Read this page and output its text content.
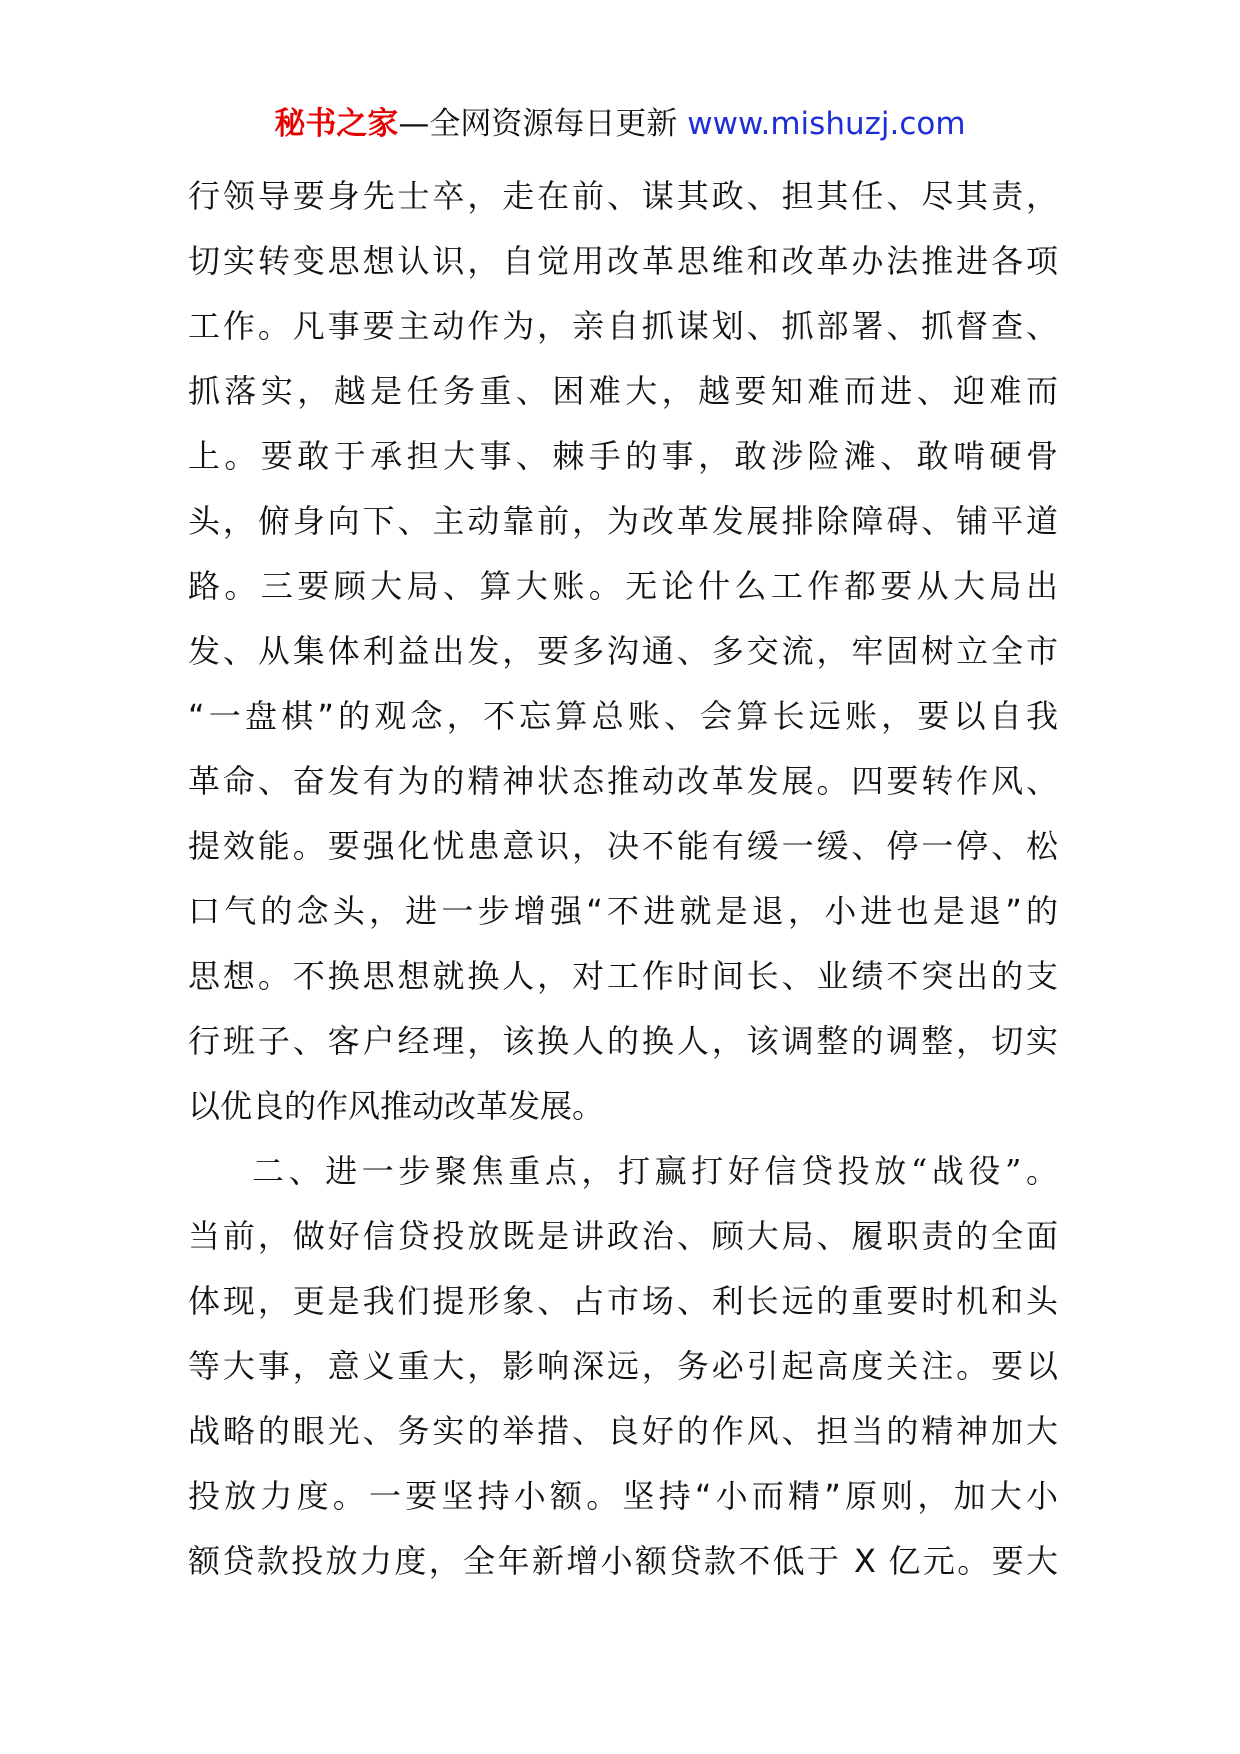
秘书之家—全网资源每日更新 www.mishuzj.com
行领导要身先士卒，走在前、谋其政、担其任、尽其责，
切实转变思想认识，自觉用改革思维和改革办法推进各项
工作。凡事要主动作为，亲自抓谋划、抓部署、抓督查、
抓落实，越是任务重、困难大，越要知难而进、迎难而
上。要敢于承担大事、棘手的事，敢涉险滩、敢啃硬骨
头，俯身向下、主动靠前，为改革发展排除障碍、铺平道
路。三要顾大局、算大账。无论什么工作都要从大局出
发、从集体利益出发，要多沟通、多交流，牢固树立全市
“一盘棋”的观念，不忘算总账、会算长远账，要以自我
革命、奋发有为的精神状态推动改革发展。四要转作风、
提效能。要强化忧患意识，决不能有缓一缓、停一停、松
口气的念头，进一步增强“不进就是退，小进也是退”的
思想。不换思想就换人，对工作时间长、业绩不突出的支
行班子、客户经理，该换人的换人，该调整的调整，切实
以优良的作风推动改革发展。
二、进一步聚焦重点，打赢打好信贷投放“战役”。
当前，做好信贷投放既是讲政治、顾大局、履职责的全面
体现，更是我们提形象、占市场、利长远的重要时机和头
等大事，意义重大，影响深远，务必引起高度关注。要以
战略的眼光、务实的举措、良好的作风、担当的精神加大
投放力度。一要坚持小额。坚持“小而精”原则，加大小
额贷款投放力度，全年新增小额贷款不低于 X 亿元。要大
